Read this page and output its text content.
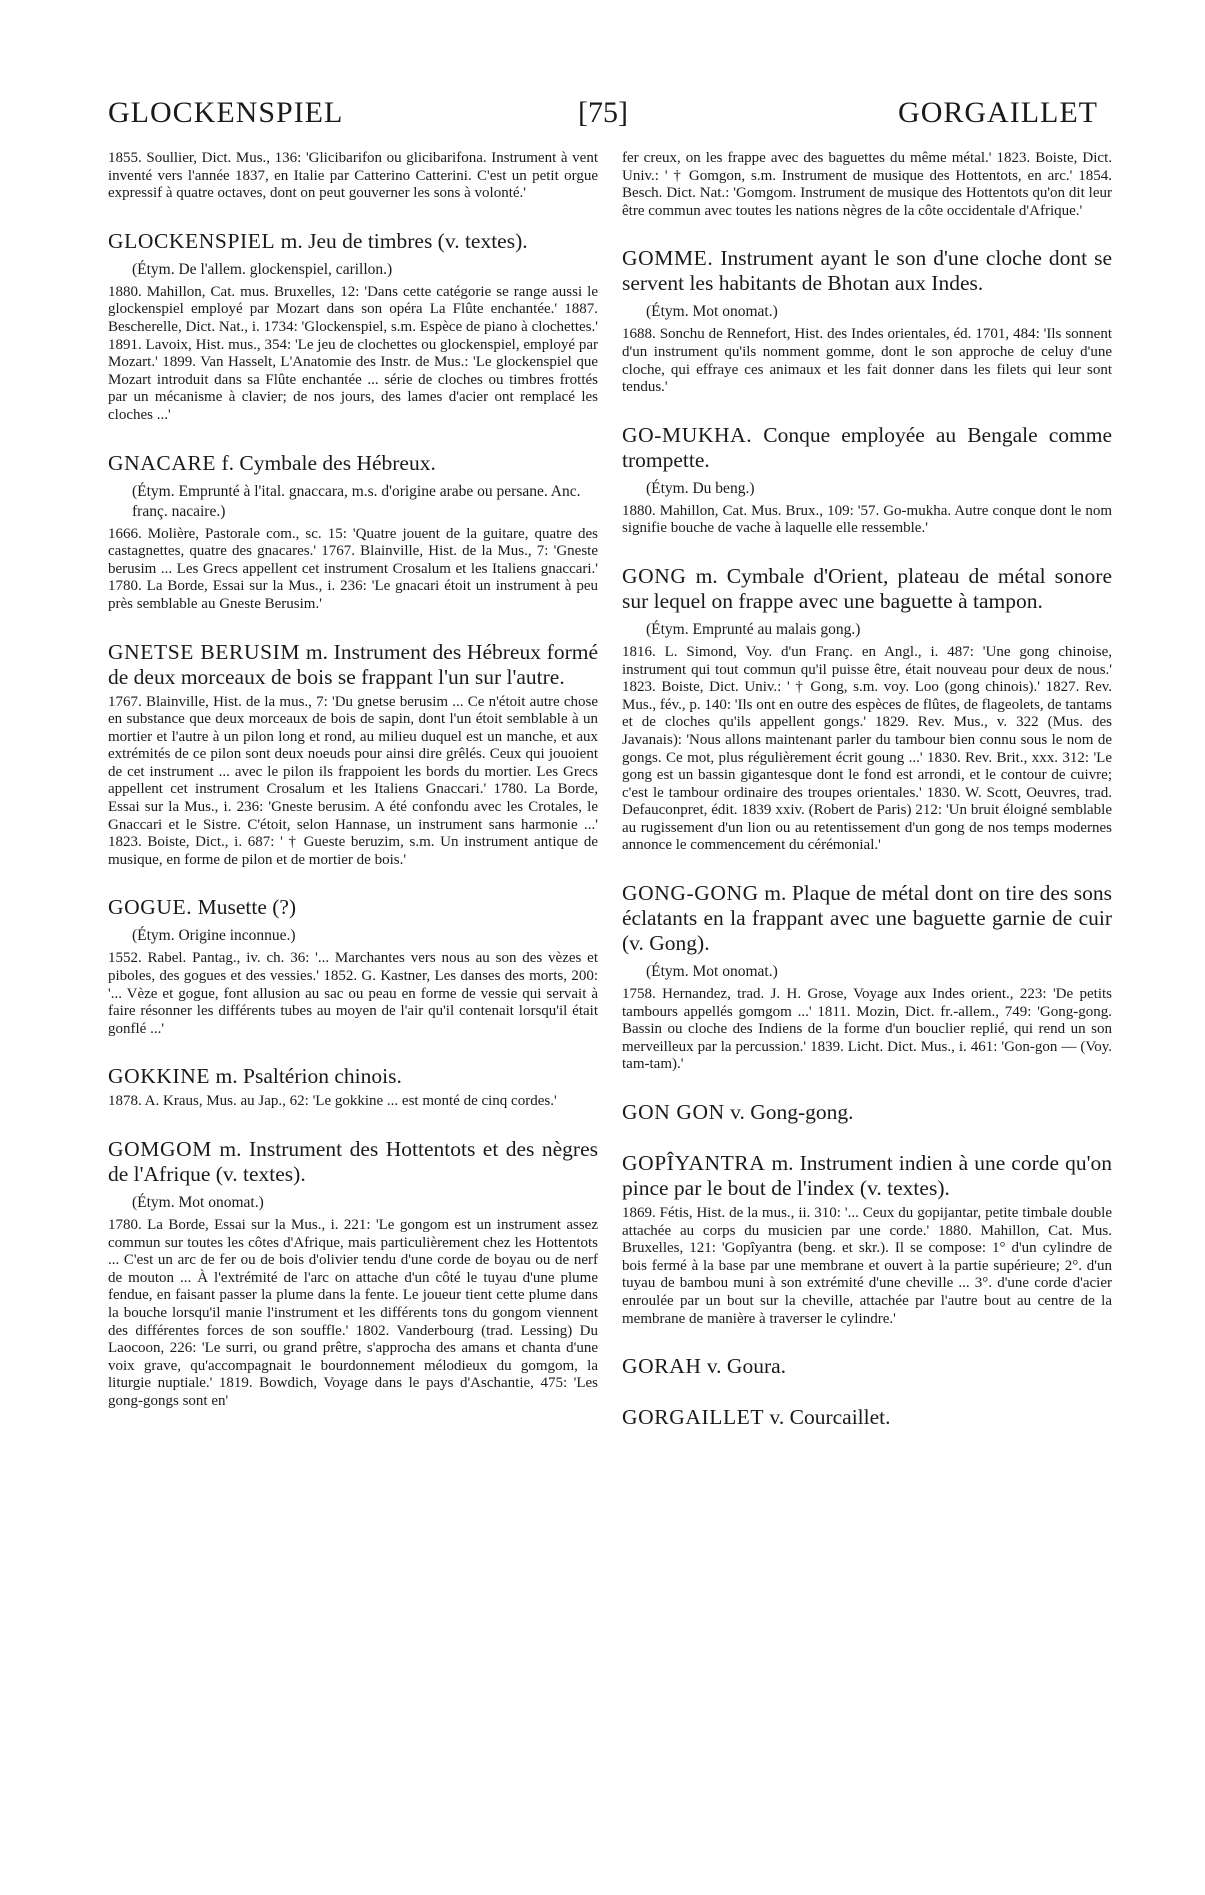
GLOCKENSPIEL	[75]	GORGAILLET

1855. Soullier, Dict. Mus., 136: 'Glicibarifon ou glicibarifona. Instrument à vent inventé vers l'année 1837, en Italie par Catterino Catterini. C'est un petit orgue expressif à quatre octaves, dont on peut gouverner les sons à volonté.'

GLOCKENSPIEL m. Jeu de timbres (v. textes).

(Étym. De l'allem. glockenspiel, carillon.)

1880. Mahillon, Cat. mus. Bruxelles, 12: 'Dans cette catégorie se range aussi le glockenspiel employé par Mozart dans son opéra La Flûte enchantée.' 1887. Bescherelle, Dict. Nat., i. 1734: 'Glockenspiel, s.m. Espèce de piano à clochettes.' 1891. Lavoix, Hist. mus., 354: 'Le jeu de clochettes ou glockenspiel, employé par Mozart.' 1899. Van Hasselt, L'Anatomie des Instr. de Mus.: 'Le glockenspiel que Mozart introduit dans sa Flûte enchantée ... série de cloches ou timbres frottés par un mécanisme à clavier; de nos jours, des lames d'acier ont remplacé les cloches ...'

GNACARE f. Cymbale des Hébreux.

(Étym. Emprunté à l'ital. gnaccara, m.s. d'origine arabe ou persane. Anc. franç. nacaire.)

1666. Molière, Pastorale com., sc. 15: 'Quatre jouent de la guitare, quatre des castagnettes, quatre des gnacares.' 1767. Blainville, Hist. de la Mus., 7: 'Gneste berusim ... Les Grecs appellent cet instrument Crosalum et les Italiens gnaccari.' 1780. La Borde, Essai sur la Mus., i. 236: 'Le gnacari étoit un instrument à peu près semblable au Gneste Berusim.'

GNETSE BERUSIM m. Instrument des Hébreux formé de deux morceaux de bois se frappant l'un sur l'autre.

1767. Blainville, Hist. de la mus., 7: 'Du gnetse berusim ... Ce n'étoit autre chose en substance que deux morceaux de bois de sapin, dont l'un étoit semblable à un mortier et l'autre à un pilon long et rond, au milieu duquel est un manche, et aux extrémités de ce pilon sont deux noeuds pour ainsi dire grêlés. Ceux qui jouoient de cet instrument ... avec le pilon ils frappoient les bords du mortier. Les Grecs appellent cet instrument Crosalum et les Italiens Gnaccari.' 1780. La Borde, Essai sur la Mus., i. 236: 'Gneste berusim. A été confondu avec les Crotales, le Gnaccari et le Sistre. C'étoit, selon Hannase, un instrument sans harmonie ...' 1823. Boiste, Dict., i. 687: ' † Gueste beruzim, s.m. Un instrument antique de musique, en forme de pilon et de mortier de bois.'

GOGUE. Musette (?)

(Étym. Origine inconnue.)

1552. Rabel. Pantag., iv. ch. 36: '... Marchantes vers nous au son des vèzes et piboles, des gogues et des vessies.' 1852. G. Kastner, Les danses des morts, 200: '... Vèze et gogue, font allusion au sac ou peau en forme de vessie qui servait à faire résonner les différents tubes au moyen de l'air qu'il contenait lorsqu'il était gonflé ...'

GOKKINE m. Psaltérion chinois.

1878. A. Kraus, Mus. au Jap., 62: 'Le gokkine ... est monté de cinq cordes.'

GOMGOM m. Instrument des Hottentots et des nègres de l'Afrique (v. textes).

(Étym. Mot onomat.)

1780. La Borde, Essai sur la Mus., i. 221: 'Le gongom est un instrument assez commun sur toutes les côtes d'Afrique, mais particulièrement chez les Hottentots ... C'est un arc de fer ou de bois d'olivier tendu d'une corde de boyau ou de nerf de mouton ... À l'extrémité de l'arc on attache d'un côté le tuyau d'une plume fendue, en faisant passer la plume dans la fente. Le joueur tient cette plume dans la bouche lorsqu'il manie l'instrument et les différents tons du gongom viennent des différentes forces de son souffle.' 1802. Vanderbourg (trad. Lessing) Du Laocoon, 226: 'Le surri, ou grand prêtre, s'approcha des amans et chanta d'une voix grave, qu'accompagnait le bourdonnement mélodieux du gomgom, la liturgie nuptiale.' 1819. Bowdich, Voyage dans le pays d'Aschantie, 475: 'Les gong-gongs sont en'

fer creux, on les frappe avec des baguettes du même métal.' 1823. Boiste, Dict. Univ.: ' † Gomgon, s.m. Instrument de musique des Hottentots, en arc.' 1854. Besch. Dict. Nat.: 'Gomgom. Instrument de musique des Hottentots qu'on dit leur être commun avec toutes les nations nègres de la côte occidentale d'Afrique.'

GOMME. Instrument ayant le son d'une cloche dont se servent les habitants de Bhotan aux Indes.

(Étym. Mot onomat.)

1688. Sonchu de Rennefort, Hist. des Indes orientales, éd. 1701, 484: 'Ils sonnent d'un instrument qu'ils nomment gomme, dont le son approche de celuy d'une cloche, qui effraye ces animaux et les fait donner dans les filets qui leur sont tendus.'

GO-MUKHA. Conque employée au Bengale comme trompette.

(Étym. Du beng.)

1880. Mahillon, Cat. Mus. Brux., 109: '57. Go-mukha. Autre conque dont le nom signifie bouche de vache à laquelle elle ressemble.'

GONG m. Cymbale d'Orient, plateau de métal sonore sur lequel on frappe avec une baguette à tampon.

(Étym. Emprunté au malais gong.)

1816. L. Simond, Voy. d'un Franç. en Angl., i. 487: 'Une gong chinoise, instrument qui tout commun qu'il puisse être, était nouveau pour deux de nous.' 1823. Boiste, Dict. Univ.: ' † Gong, s.m. voy. Loo (gong chinois).' 1827. Rev. Mus., fév., p. 140: 'Ils ont en outre des espèces de flûtes, de flageolets, de tantams et de cloches qu'ils appellent gongs.' 1829. Rev. Mus., v. 322 (Mus. des Javanais): 'Nous allons maintenant parler du tambour bien connu sous le nom de gongs. Ce mot, plus régulièrement écrit goung ...' 1830. Rev. Brit., xxx. 312: 'Le gong est un bassin gigantesque dont le fond est arrondi, et le contour de cuivre; c'est le tambour ordinaire des troupes orientales.' 1830. W. Scott, Oeuvres, trad. Defauconpret, édit. 1839 xxiv. (Robert de Paris) 212: 'Un bruit éloigné semblable au rugissement d'un lion ou au retentissement d'un gong de nos temps modernes annonce le commencement du cérémonial.'

GONG-GONG m. Plaque de métal dont on tire des sons éclatants en la frappant avec une baguette garnie de cuir (v. Gong).

(Étym. Mot onomat.)

1758. Hernandez, trad. J. H. Grose, Voyage aux Indes orient., 223: 'De petits tambours appellés gomgom ...' 1811. Mozin, Dict. fr.-allem., 749: 'Gong-gong. Bassin ou cloche des Indiens de la forme d'un bouclier replié, qui rend un son merveilleux par la percussion.' 1839. Licht. Dict. Mus., i. 461: 'Gon-gon — (Voy. tam-tam).'

GON GON v. Gong-gong.

GOPÎYANTRA m. Instrument indien à une corde qu'on pince par le bout de l'index (v. textes).

1869. Fétis, Hist. de la mus., ii. 310: '... Ceux du gopijantar, petite timbale double attachée au corps du musicien par une corde.' 1880. Mahillon, Cat. Mus. Bruxelles, 121: 'Gopîyantra (beng. et skr.). Il se compose: 1° d'un cylindre de bois fermé à la base par une membrane et ouvert à la partie supérieure; 2°. d'un tuyau de bambou muni à son extrémité d'une cheville ... 3°. d'une corde d'acier enroulée par un bout sur la cheville, attachée par l'autre bout au centre de la membrane de manière à traverser le cylindre.'

GORAH v. Goura.

GORGAILLET v. Courcaillet.
